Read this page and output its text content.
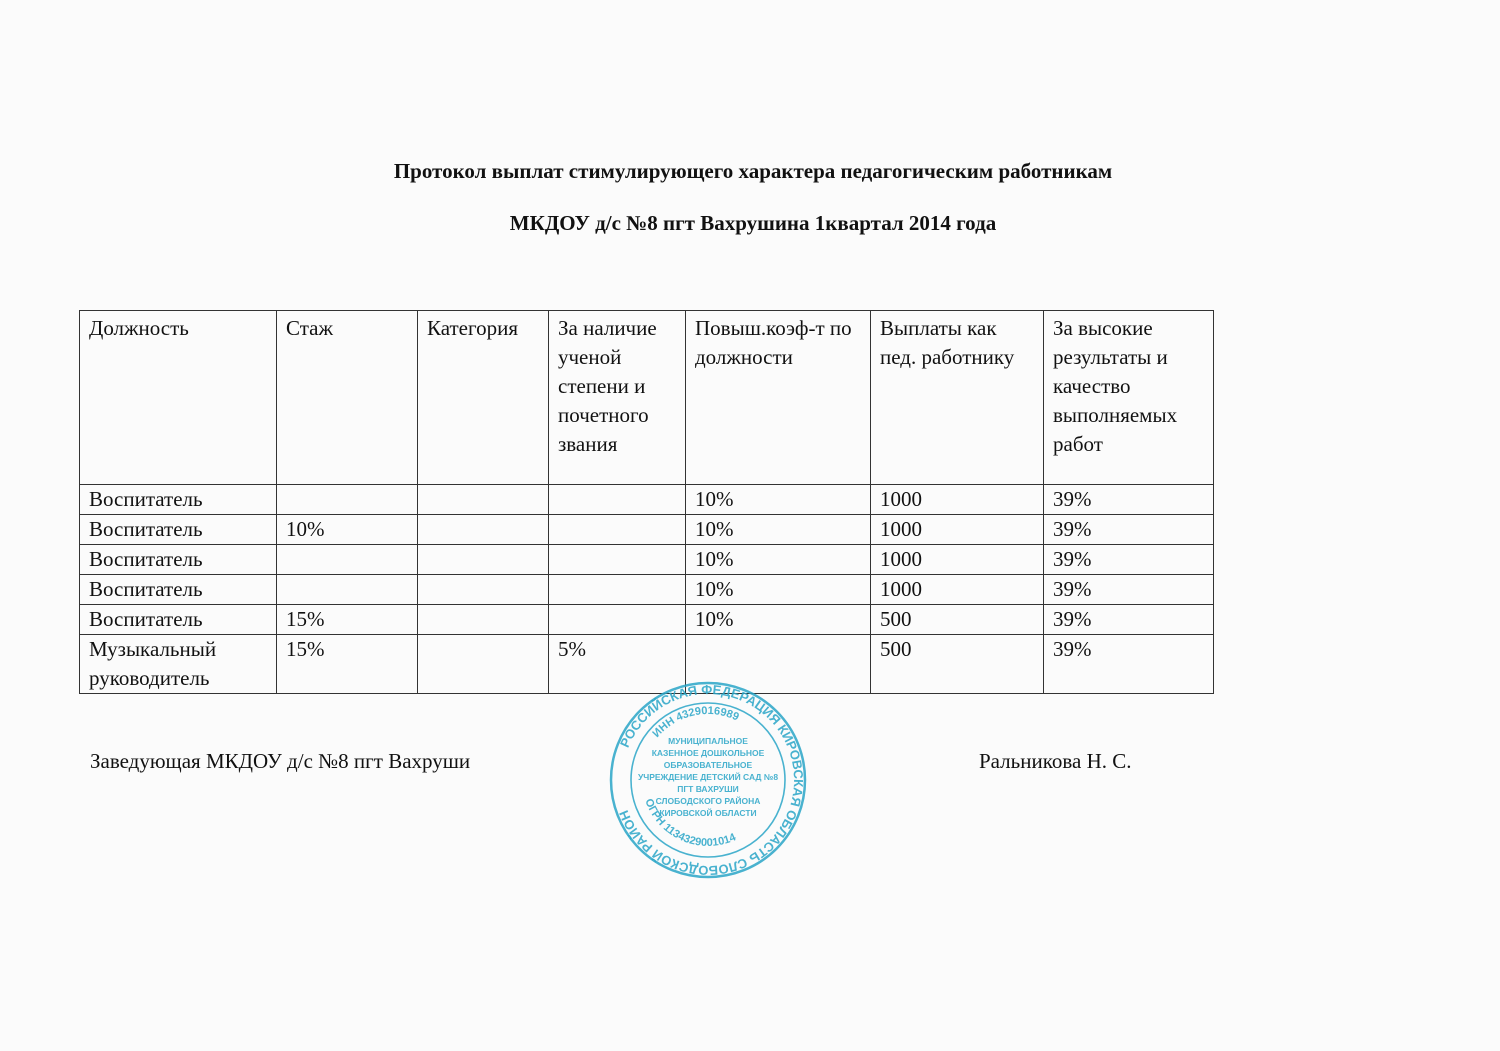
Протокол выплат стимулирующего характера педагогическим работникам
МКДОУ д/с №8 пгт Вахрушина 1квартал 2014 года
Должность	Стаж	Категория	За наличие ученой степени и почетного звания	Повыш.коэф-т по должности	Выплаты как пед. работнику	За высокие результаты и качество выполняемых работ
Воспитатель				10%	1000	39%
Воспитатель	10%			10%	1000	39%
Воспитатель				10%	1000	39%
Воспитатель				10%	1000	39%
Воспитатель	15%			10%	500	39%
Музыкальный руководитель	15%		5%		500	39%

Заведующая МКДОУ д/с №8 пгт Вахруши

РОССИЙСКАЯ ФЕДЕРАЦИЯ КИРОВСКАЯ ОБЛАСТЬ СЛОБОДСКОЙ РАЙОН
ИНН 4329016989
ОГРН 1134329001014
МУНИЦИПАЛЬНОЕ
КАЗЕННОЕ ДОШКОЛЬНОЕ
ОБРАЗОВАТЕЛЬНОЕ
УЧРЕЖДЕНИЕ ДЕТСКИЙ САД №8
ПГТ ВАХРУШИ
СЛОБОДСКОГО РАЙОНА
КИРОВСКОЙ ОБЛАСТИ

Ральникова Н. С.
